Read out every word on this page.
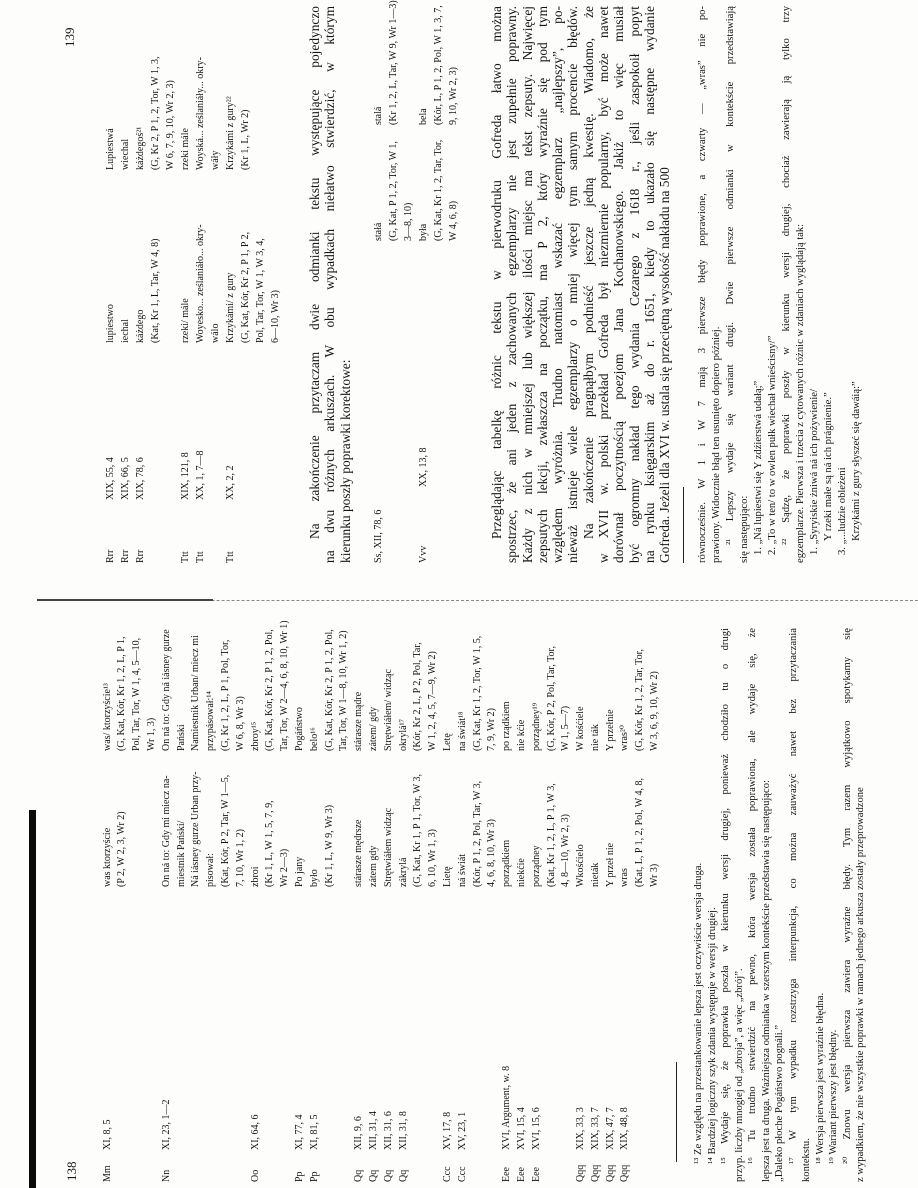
138 Mm
XI, 8, 5
was ktorzyście (P 2, W 2, 3, Wr 2)
was/ ktorzyście¹³ (G, Kat, Kór, Kr 1, 2, L, P 1, Pol, Tar, Tor, W 1, 4, 5—10, Wr 1, 3)
Nn
XI, 23, 1—2
On ná to: Gdy mi miecz na- miestnik Pański/ Ná iásney gurze Urban przy- pisował: (Kat, Kór, P 2, Tar, W 1—5, 7, 10, Wr 1, 2)
On ná to: Gdy ná iásney gurze Pański Namiestnik Urban/ miecz mi przypásował:¹⁴ (G, Kr 1, 2, L, P 1, Pol, Tor, W 6, 8, Wr 3)
Oo
XI, 64, 6
zbroi (Kr 1, L, W 1, 5, 7, 9, Wr 2—3)
zbroy¹⁵ (G, Kat, Kór, Kr 2, P 1, 2, Pol, Tar, Tor, W 2—4, 6, 8, 10, Wr 1)
Pp Pp
XI, 77, 4 XI, 81, 5
Po jany było (Kr 1, L, W 9, Wr 3)
Pogáństwo belo¹⁶ (G, Kat, Kór, Kr 2, P 1, 2, Pol, Tar, Tor, W 1—8, 10, Wr 1, 2)
Qq Qq Qq Qq
XII, 9, 6 XII, 31, 4 XII, 31, 6 XII, 31, 8
stárasze mędrsze zátem gdy Strętwiáłem widząc zákrylá (G, Kat, Kr 1, P 1, Tor, W 3, 6, 10, Wr 1, 3)
stárasze mądre zátem/ gdy Strętwiáłem/ widząc okrylá¹⁷ (Kór, Kr 2, L, P 2, Pol, Tar, W 1, 2, 4, 5, 7—9, Wr 2)
Ccc Ccc
XV, 17, 8 XV, 23, 1
Lietę ná świát (Kór, P 1, 2, Pol, Tar, W 3, 4, 6, 8, 10, Wr 3)
Letę na świát¹⁸ (G, Kat, Kr 1, 2, Tor, W 1, 5, 7, 9, Wr 2)
Eee Eee Eee
XVI, Argument, w. 8 XVI, 15, 4 XVI, 15, 6
porządkiem niekćie porządney (Kat, Kr 1, 2, L, P 1, W 3, 4, 8—10, Wr 2, 3)
po rządkiem nie kćie porządney¹⁹ (G, Kór, P 2, Pol, Tar, Tor, W 1, 5—7)
Qqq Qqq Qqq Qqq
XIX, 33, 3 XIX, 33, 7 XIX, 47, 7 XIX, 48, 8
Wkośćielo nieták Y przeł nie wras (Kat, L, P 1, 2, Pol, W 4, 8, Wr 3)
W kośćiele nie ták Y przełnie wras²⁰ (G, Kór, Kr 1, 2, Tar, Tor, W 3, 6, 9, 10, Wr 2)
¹³ Ze względu na przestankowanie lepsza jest oczywiście wersja druga. ¹⁴ Bardziej logiczny szyk zdania występuje w wersji drugiej. ¹⁵ Wydaje się, że poprawka poszła w kierunku wersji drugiej, ponieważ chodziło tu o drugi przyp. liczby mnogiej od „zbroja”, a więc „zbrój”. ¹⁶ Tu trudno stwierdzić na pewno, która wersja została poprawiona, ale wydaje się, że lepsza jest ta druga. Ważniejsza odmianka w szerszym kontekście przedstawia się następująco: „Daleko płoche Pogáństwo pognáli.” ¹⁷ W tym wypadku rozstrzyga interpunkcja, co można zauważyć nawet bez przytaczania kontekstu. ¹⁸ Wersja pierwsza jest wyraźnie błędna. ¹⁹ Wariant pierwszy jest błędny. ²⁰ Znowu wersja pierwsza zawiera wyraźne błędy. Tym razem wyjątkowo spotykamy się z wypadkiem, że nie wszystkie poprawki w ramach jednego arkusza zostały przeprowadzone
139
Rrr Rrr Rrr
XIX, 55, 4 XIX, 66, 5 XIX, 78, 6
lupiestwo iechal káżdego (Kat, Kr 1, L, Tar, W 4, 8)
Lupiestwá wiechal káżdegoś²¹ (G, Kr 2, P 1, 2, Tor, W 1, 3, W 6, 7, 9, 10, Wr 2, 3)
Ttt Ttt
XIX, 121, 8 XX, 1, 7—8
rzeki/ mále Woyesko... ześlaniáło... okry- wálo
rzeki mále Woyská... ześlaniáły... okry- wáły
Ttt
XX, 2, 2
Krzykámi/ z gury (G, Kat, Kór, Kr 2, P 1, P 2, Pol, Tar, Tor, W 1, W 3, 4, 6—10, Wr 3)
Krzykámi z gury²² (Kr 1, L, Wr 2)	Na zakończenie przytaczam dwie odmianki tekstu występujące pojedynczo na dwu różnych arkuszach. W obu wypadkach niełatwo stwierdzić, w którym kierunku poszły poprawki korektowe: Ss, XII, 78, 6
stałá (G, Kat, P 1, 2, Tor, W 1, 3—8, 10)
stalá (Kr 1, 2, L, Tar, W 9, Wr 1—3)
Vvv
XX, 13, 8
była (G, Kat, Kr 1, 2, Tar, Tor, W 4, 6, 8)
bela (Kór, L, P 1, 2, Pol, W 1, 3, 7, 9, 10, Wr 2, 3) Przeglądając tabelkę różnic tekstu w pierwodruku Gofreda łatwo można spostrzec, że ani jeden z zachowanych egzemplarzy nie jest zupełnie poprawny. Każdy z nich w mniejszej lub większej ilości miejsc ma tekst zepsuty. Najwięcej zepsutych lekcji, zwłaszcza na początku, ma P 2, który wyraźnie się pod tym względem wyróżnia. Trudno natomiast wskazać egzemplarz „najlepszy”, po- nieważ istnieje wiele egzemplarzy o mniej więcej tym samym procencie błędów. Na zakończenie pragnąłbym podnieść jeszcze jedną kwestię. Wiadomo, że w XVII w. polski przekład Gofreda był niezmiernie popularny, być może nawet dorównał poczytnością poezjom Jana Kochanowskiego. Jakiż to więc musiał być ogromny nakład tego wydania Cezarego z 1618 r., jeśli zaspokoił popyt na rynku księgarskim aż do r. 1651, kiedy to ukazało się następne wydanie Gofreda. Jeżeli dla XVI w. ustala się przeciętną wysokość nakładu na 500 równocześnie. W 1 i W 7 mają 3 pierwsze błędy poprawione, a czwarty — „wras” nie po- prawiony. Widocznie błąd ten usunięto dopiero później. ²¹ Lepszy wydaje się wariant drugi. Dwie pierwsze odmianki w kontekście przedstawiają się następująco: 1. „Ná lupiestwi się Y zdźierstwá udałą;” 2. „To w ten/ to w owlen pułk wiechał wnieścisny/” ²² Sądzę, że poprawki poszły w kierunku wersji drugiej, chociaż zawierają ją tylko trzy egzemplarze. Pierwsza i trzecia z cytowanych różnic w zdaniach wyglądają tak: 1. „Syryiskie żniwá ná ich pożywienie/ Y rzeki małe są ná ich prágnienie.” 3. „...ludzie obleżeni Krzykámi z gury słyszeć się dawáią:”
